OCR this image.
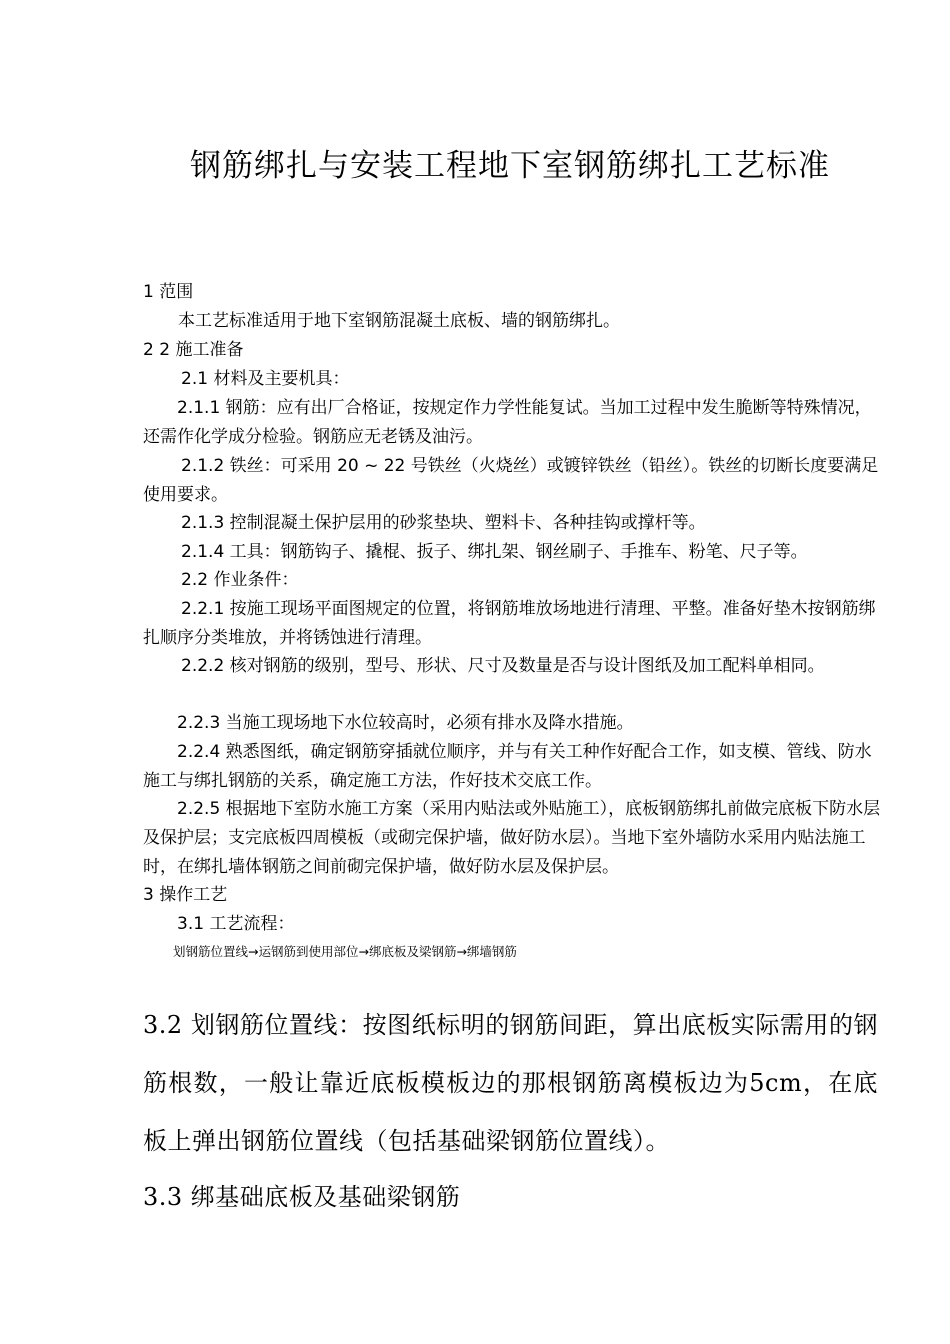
钢筋绑扎与安装工程地下室钢筋绑扎工艺标准
1 范围
本工艺标准适用于地下室钢筋混凝土底板、墙的钢筋绑扎。
2 2 施工准备
2.1 材料及主要机具：
2.1.1 钢筋：应有出厂合格证，按规定作力学性能复试。当加工过程中发生脆断等特殊情况，还需作化学成分检验。钢筋应无老锈及油污。
2.1.2 铁丝：可采用 20 ~ 22 号铁丝（火烧丝）或镀锌铁丝（铅丝）。铁丝的切断长度要满足使用要求。
2.1.3 控制混凝土保护层用的砂浆垫块、塑料卡、各种挂钩或撑杆等。
2.1.4 工具：钢筋钩子、撬棍、扳子、绑扎架、钢丝刷子、手推车、粉笔、尺子等。
2.2 作业条件：
2.2.1 按施工现场平面图规定的位置，将钢筋堆放场地进行清理、平整。准备好垫木按钢筋绑扎顺序分类堆放，并将锈蚀进行清理。
2.2.2 核对钢筋的级别，型号、形状、尺寸及数量是否与设计图纸及加工配料单相同。
2.2.3 当施工现场地下水位较高时，必须有排水及降水措施。
2.2.4 熟悉图纸，确定钢筋穿插就位顺序，并与有关工种作好配合工作，如支模、管线、防水施工与绑扎钢筋的关系，确定施工方法，作好技术交底工作。
2.2.5 根据地下室防水施工方案（采用内贴法或外贴施工），底板钢筋绑扎前做完底板下防水层及保护层；支完底板四周模板（或砌完保护墙，做好防水层）。当地下室外墙防水采用内贴法施工时，在绑扎墙体钢筋之间前砌完保护墙，做好防水层及保护层。
3 操作工艺
3.1 工艺流程：
划钢筋位置线→运钢筋到使用部位→绑底板及梁钢筋→绑墙钢筋
3.2 划钢筋位置线：按图纸标明的钢筋间距，算出底板实际需用的钢筋根数，一般让靠近底板模板边的那根钢筋离模板边为5cm，在底板上弹出钢筋位置线（包括基础梁钢筋位置线）。
3.3 绑基础底板及基础梁钢筋
